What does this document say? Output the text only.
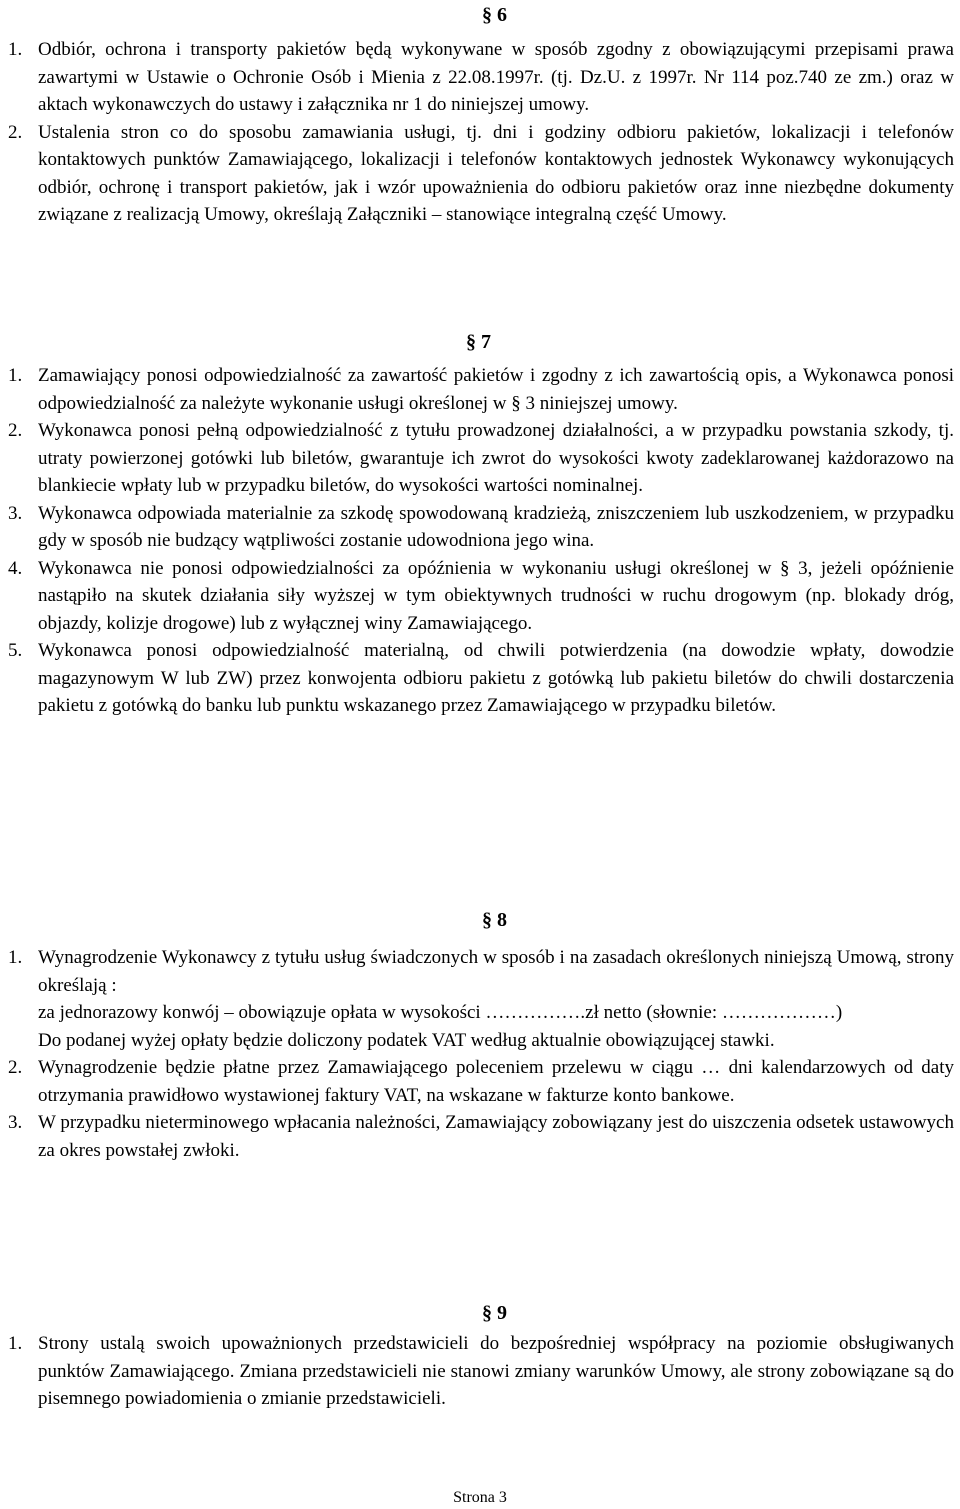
§ 6
1. Odbiór, ochrona i transporty pakietów będą wykonywane w sposób zgodny z obowiązującymi przepisami prawa zawartymi w Ustawie o Ochronie Osób i Mienia z 22.08.1997r. (tj. Dz.U. z 1997r. Nr 114 poz.740 ze zm.) oraz w aktach wykonawczych do ustawy i załącznika nr 1 do niniejszej umowy.
2. Ustalenia stron co do sposobu zamawiania usługi, tj. dni i godziny odbioru pakietów, lokalizacji i telefonów kontaktowych punktów Zamawiającego, lokalizacji i telefonów kontaktowych jednostek Wykonawcy wykonujących odbiór, ochronę i transport pakietów, jak i wzór upoważnienia do odbioru pakietów oraz inne niezbędne dokumenty związane z realizacją Umowy, określają Załączniki – stanowiące integralną część Umowy.
§ 7
1. Zamawiający ponosi odpowiedzialność za zawartość pakietów i zgodny z ich zawartością opis, a Wykonawca ponosi odpowiedzialność za należyte wykonanie usługi określonej w § 3 niniejszej umowy.
2. Wykonawca ponosi pełną odpowiedzialność z tytułu prowadzonej działalności, a w przypadku powstania szkody, tj. utraty powierzonej gotówki lub biletów, gwarantuje ich zwrot do wysokości kwoty zadeklarowanej każdorazowo na blankiecie wpłaty lub w przypadku biletów, do wysokości wartości nominalnej.
3. Wykonawca odpowiada materialnie za szkodę spowodowaną kradzieżą, zniszczeniem lub uszkodzeniem, w przypadku gdy w sposób nie budzący wątpliwości zostanie udowodniona jego wina.
4. Wykonawca nie ponosi odpowiedzialności za opóźnienia w wykonaniu usługi określonej w § 3, jeżeli opóźnienie nastąpiło na skutek działania siły wyższej w tym obiektywnych trudności w ruchu drogowym (np. blokady dróg, objazdy, kolizje drogowe) lub z wyłącznej winy Zamawiającego.
5. Wykonawca ponosi odpowiedzialność materialną, od chwili potwierdzenia (na dowodzie wpłaty, dowodzie magazynowym W lub ZW) przez konwojenta odbioru pakietu z gotówką lub pakietu biletów do chwili dostarczenia pakietu z gotówką do banku lub punktu wskazanego przez Zamawiającego w przypadku biletów.
§ 8
1. Wynagrodzenie Wykonawcy z tytułu usług świadczonych w sposób i na zasadach określonych niniejszą Umową, strony określają :
za jednorazowy konwój – obowiązuje opłata w wysokości …………….zł netto (słownie: ………………)
Do podanej wyżej opłaty będzie doliczony podatek VAT według aktualnie obowiązującej stawki.
2. Wynagrodzenie będzie płatne przez Zamawiającego poleceniem przelewu w ciągu … dni kalendarzowych od daty otrzymania prawidłowo wystawionej faktury VAT, na wskazane w fakturze konto bankowe.
3. W przypadku nieterminowego wpłacania należności, Zamawiający zobowiązany jest do uiszczenia odsetek ustawowych za okres powstałej zwłoki.
§ 9
1. Strony ustalą swoich upoważnionych przedstawicieli do bezpośredniej współpracy na poziomie obsługiwanych punktów Zamawiającego. Zmiana przedstawicieli nie stanowi zmiany warunków Umowy, ale strony zobowiązane są do pisemnego powiadomienia o zmianie przedstawicieli.
Strona 3
